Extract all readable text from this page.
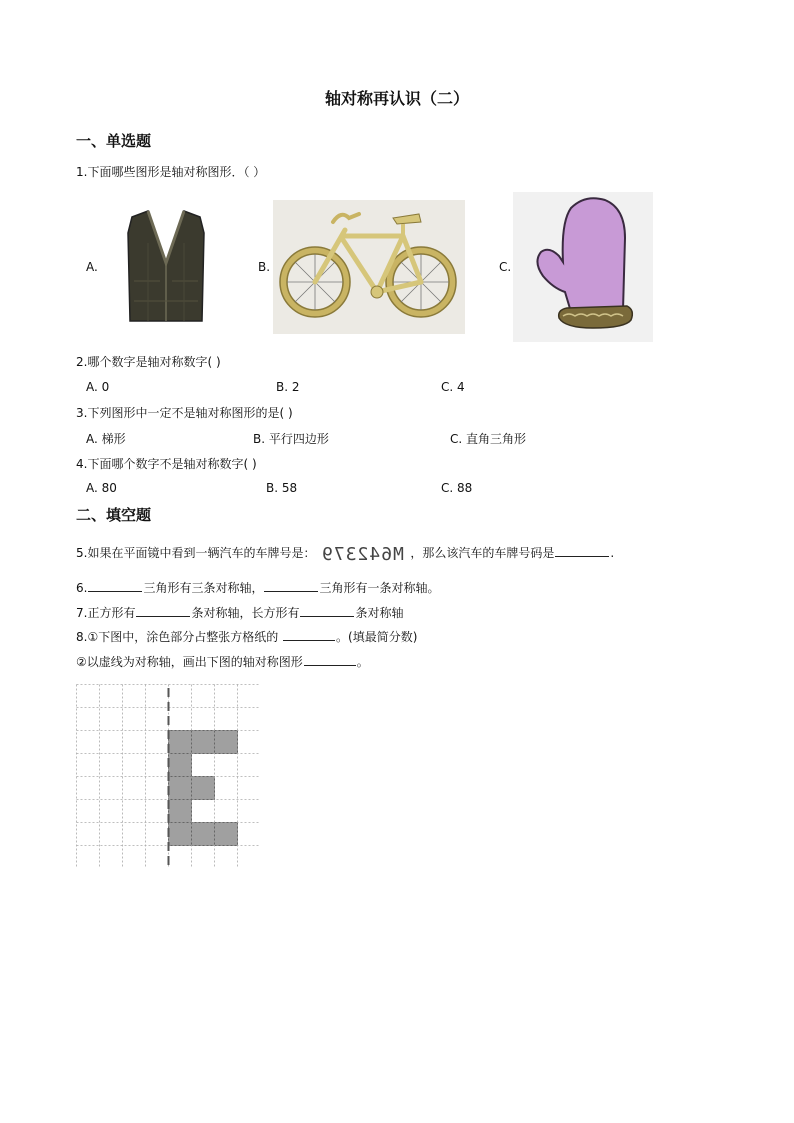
轴对称再认识（二）
一、单选题
1.下面哪些图形是轴对称图形．（ ）
A.	B.	C.
2.哪个数字是轴对称数字( )
A. 0	B. 2	C. 4
3.下列图形中一定不是轴对称图形的是( )
A. 梯形	B. 平行四边形	C. 直角三角形
4.下面哪个数字不是轴对称数字( )
A. 80	B. 58	C. 88
二、填空题
5.如果在平面镜中看到一辆汽车的车牌号是： M642379 ，那么该汽车的车牌号码是	.
6.	三角形有三条对称轴，	三角形有一条对称轴。
7.正方形有	条对称轴，长方形有	条对称轴
8.①下图中，涂色部分占整张方格纸的	。(填最简分数)
②以虚线为对称轴，画出下图的轴对称图形	。
